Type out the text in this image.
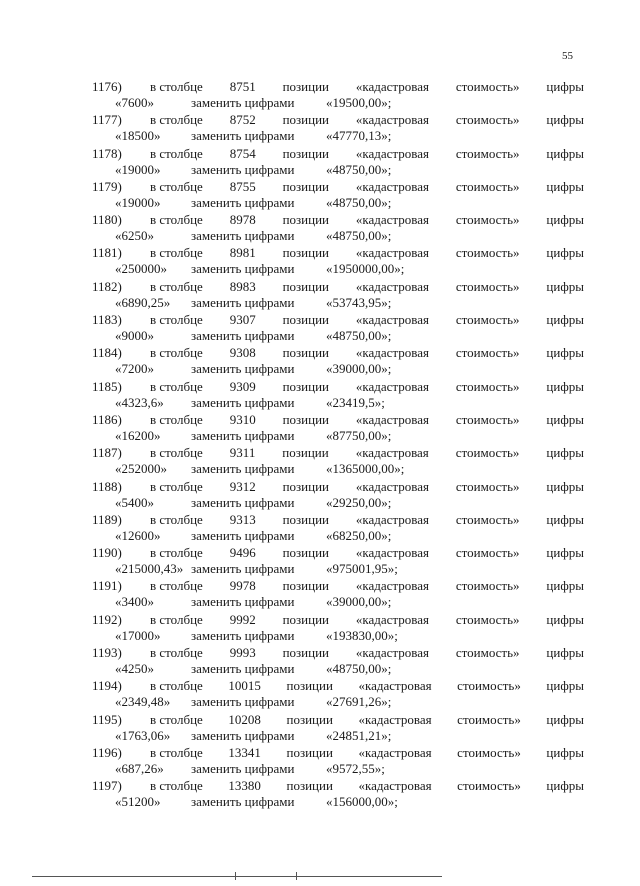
55
1176) в столбце 8751 позиции «кадастровая стоимость» цифры
«7600»	заменить цифрами «19500,00»;
1177) в столбце 8752 позиции «кадастровая стоимость» цифры
«18500» заменить цифрами «47770,13»;
1178) в столбце 8754 позиции «кадастровая стоимость» цифры
«19000» заменить цифрами «48750,00»;
1179) в столбце 8755 позиции «кадастровая стоимость» цифры
«19000» заменить цифрами «48750,00»;
1180) в столбце 8978 позиции «кадастровая стоимость» цифры
«6250»	заменить цифрами «48750,00»;
1181) в столбце 8981 позиции «кадастровая стоимость» цифры
«250000» заменить цифрами «1950000,00»;
1182) в столбце 8983 позиции «кадастровая стоимость» цифры
«6890,25» заменить цифрами «53743,95»;
1183) в столбце 9307 позиции «кадастровая стоимость» цифры
«9000»	заменить цифрами «48750,00»;
1184) в столбце 9308 позиции «кадастровая стоимость» цифры
«7200»	заменить цифрами «39000,00»;
1185) в столбце 9309 позиции «кадастровая стоимость» цифры
«4323,6» заменить цифрами «23419,5»;
1186) в столбце 9310 позиции «кадастровая стоимость» цифры
«16200» заменить цифрами «87750,00»;
1187) в столбце 9311 позиции «кадастровая стоимость» цифры
«252000» заменить цифрами «1365000,00»;
1188) в столбце 9312 позиции «кадастровая стоимость» цифры
«5400»	заменить цифрами «29250,00»;
1189) в столбце 9313 позиции «кадастровая стоимость» цифры
«12600» заменить цифрами «68250,00»;
1190) в столбце 9496 позиции «кадастровая стоимость» цифры
«215000,43» заменить цифрами «975001,95»;
1191) в столбце 9978 позиции «кадастровая стоимость» цифры
«3400»	заменить цифрами «39000,00»;
1192) в столбце 9992 позиции «кадастровая стоимость» цифры
«17000» заменить цифрами «193830,00»;
1193) в столбце 9993 позиции «кадастровая стоимость» цифры
«4250»	заменить цифрами «48750,00»;
1194) в столбце 10015 позиции «кадастровая стоимость» цифры
«2349,48» заменить цифрами «27691,26»;
1195) в столбце 10208 позиции «кадастровая стоимость» цифры
«1763,06» заменить цифрами «24851,21»;
1196) в столбце 13341 позиции «кадастровая стоимость» цифры
«687,26» заменить цифрами «9572,55»;
1197) в столбце 13380 позиции «кадастровая стоимость» цифры
«51200» заменить цифрами «156000,00»;
